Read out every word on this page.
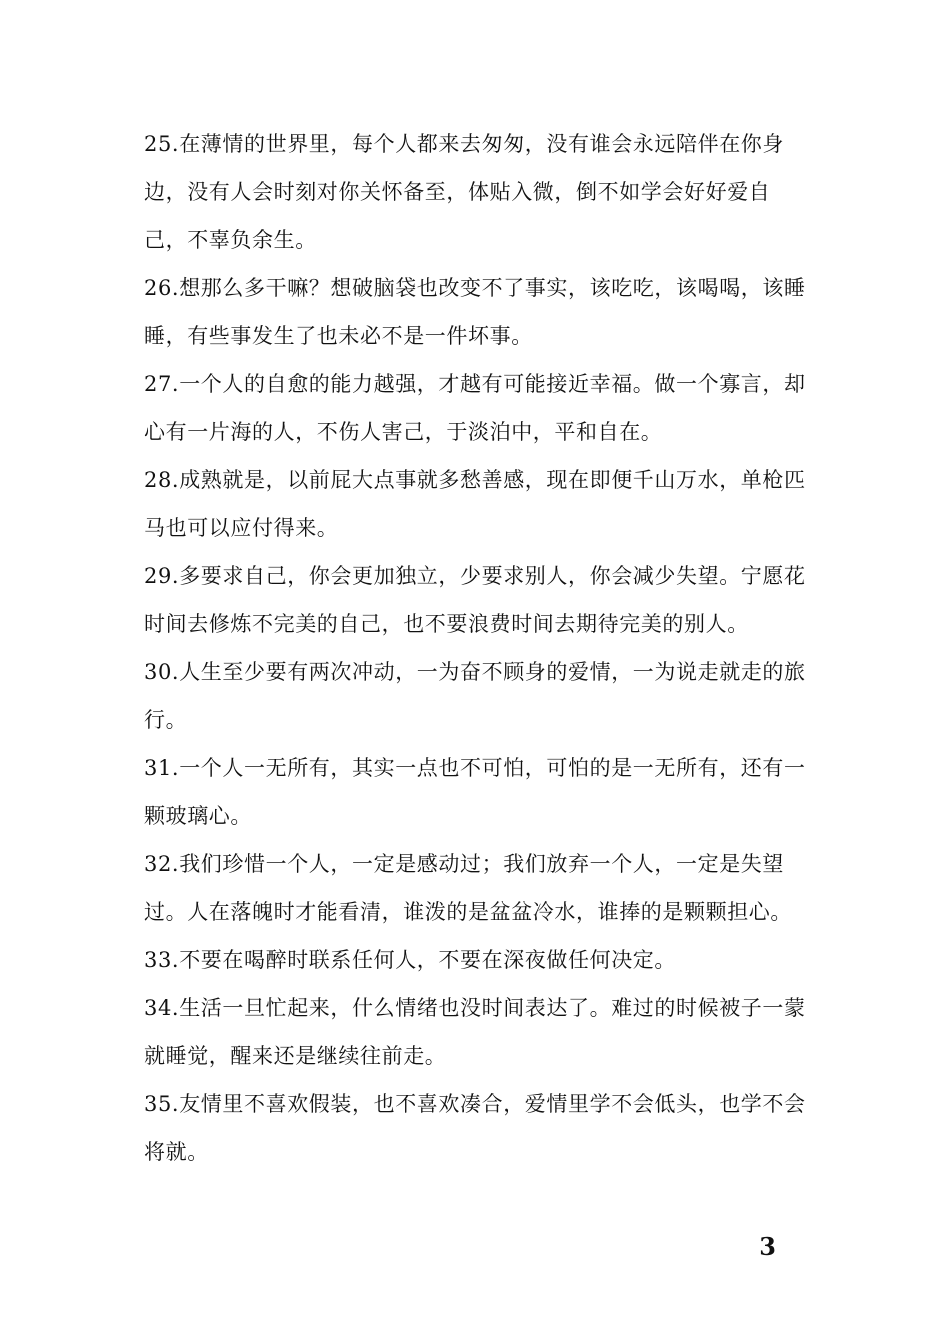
25.在薄情的世界里，每个人都来去匆匆，没有谁会永远陪伴在你身边，没有人会时刻对你关怀备至，体贴入微，倒不如学会好好爱自己，不辜负余生。

26.想那么多干嘛？想破脑袋也改变不了事实，该吃吃，该喝喝，该睡睡，有些事发生了也未必不是一件坏事。

27.一个人的自愈的能力越强，才越有可能接近幸福。做一个寡言，却心有一片海的人，不伤人害己，于淡泊中，平和自在。

28.成熟就是，以前屁大点事就多愁善感，现在即便千山万水，单枪匹马也可以应付得来。

29.多要求自己，你会更加独立，少要求别人，你会减少失望。宁愿花时间去修炼不完美的自己，也不要浪费时间去期待完美的别人。

30.人生至少要有两次冲动，一为奋不顾身的爱情，一为说走就走的旅行。

31.一个人一无所有，其实一点也不可怕，可怕的是一无所有，还有一颗玻璃心。

32.我们珍惜一个人，一定是感动过；我们放弃一个人，一定是失望过。人在落魄时才能看清，谁泼的是盆盆冷水，谁捧的是颗颗担心。

33.不要在喝醉时联系任何人，不要在深夜做任何决定。

34.生活一旦忙起来，什么情绪也没时间表达了。难过的时候被子一蒙就睡觉，醒来还是继续往前走。

35.友情里不喜欢假装，也不喜欢凑合，爱情里学不会低头，也学不会将就。

3
